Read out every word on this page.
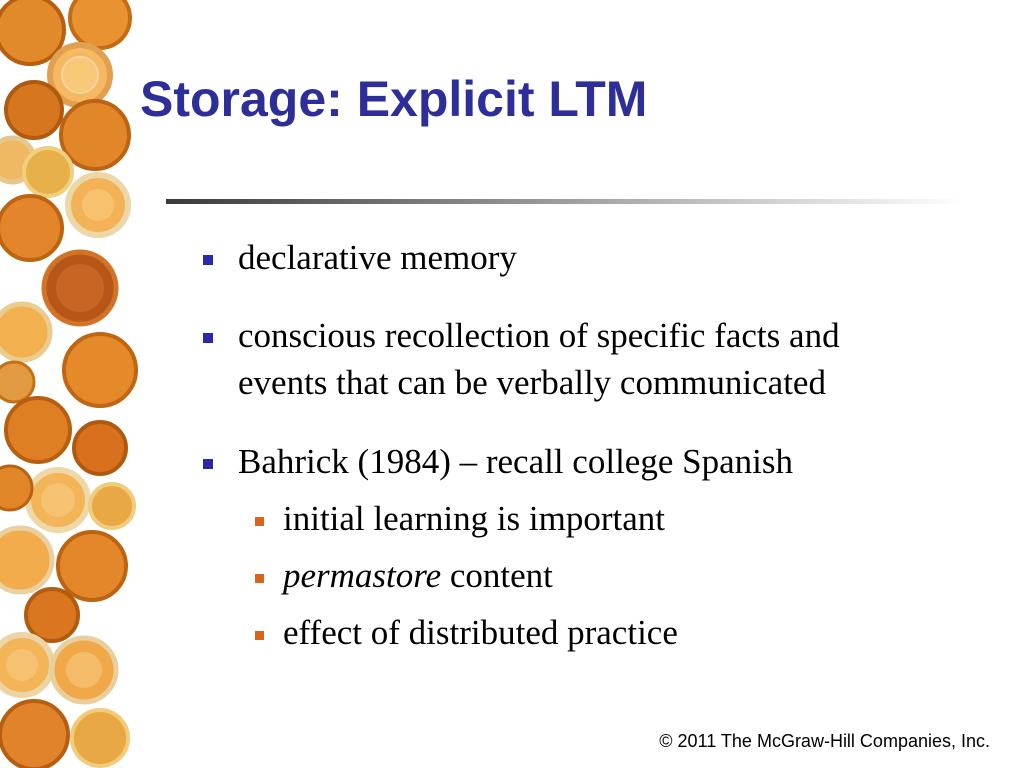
Storage: Explicit LTM
declarative memory
conscious recollection of specific facts and
events that can be verbally communicated
Bahrick (1984) – recall college Spanish
initial learning is important
permastore content
effect of distributed practice
© 2011 The McGraw-Hill Companies, Inc.
